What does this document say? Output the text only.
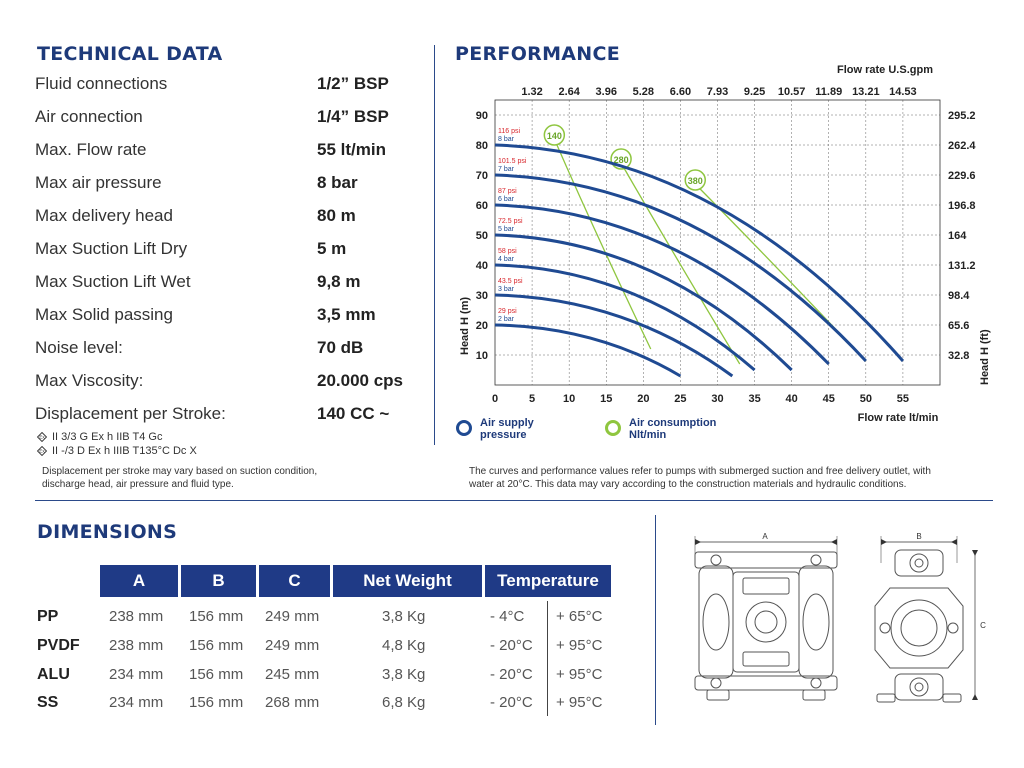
TECHNICAL DATA
Fluid connections	1/2” BSP
Air connection	1/4” BSP
Max. Flow rate	55 lt/min
Max air pressure	8 bar
Max delivery head	80 m
Max Suction Lift Dry	5 m
Max Suction Lift Wet	9,8 m
Max Solid passing	3,5 mm
Noise level:	70 dB
Max Viscosity:	20.000 cps
Displacement per Stroke:	140 CC ~
Ex II 3/3 G Ex h IIB T4 Gc
Ex II -/3 D Ex h IIIB T135°C Dc X
Displacement per stroke may vary based on suction condition,
discharge head, air pressure and fluid type.
PERFORMANCE
0	5	10 15 20 25 30 35 40 45 50 55
10
20
30
40
50
60
70
80
90
32.8
65.6
98.4
131.2
164
196.8
229.6
262.4
295.2
1.32 2.64 3.96 5.28 6.60 7.93 9.25 10.57 11.89 13.21 14.53
140
280
380
116 psi
8 bar
101.5 psi
7 bar
87 psi
6 bar
72.5 psi
5 bar
58 psi
4 bar
43.5 psi
3 bar
29 psi
2 bar
Flow rate U.S.gpm
Flow rate lt/min
Head H (m)
Head H (ft)
Air supply
pressure
Air consumption
Nlt/min
The curves and performance values refer to pumps with submerged suction and free delivery outlet, with
water at 20°C. This data may vary according to the construction materials and hydraulic conditions.
DIMENSIONS
A	B	C	Net Weight	Temperature
PP	238 mm 156 mm 249 mm	3,8 Kg	- 4°C + 65°C
PVDF 238 mm 156 mm 249 mm	4,8 Kg	- 20°C + 95°C
ALU	234 mm 156 mm 245 mm	3,8 Kg	- 20°C + 95°C
SS	234 mm 156 mm 268 mm	6,8 Kg	- 20°C + 95°C
A	B
C
